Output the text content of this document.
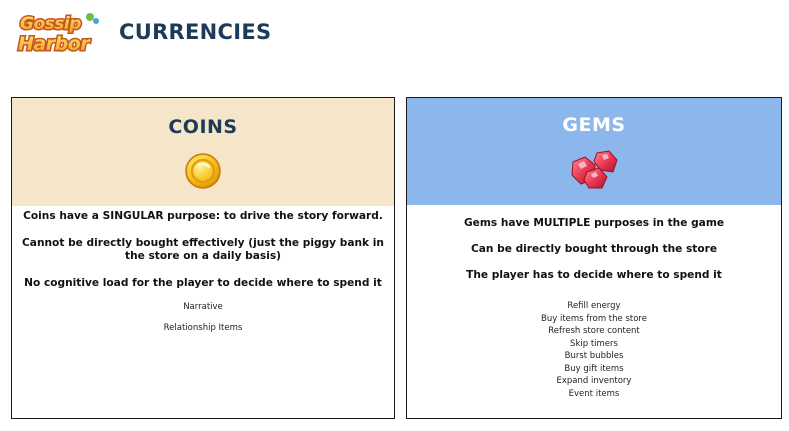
Gossip
Harbor CURRENCIES
COINS
Coins have a SINGULAR purpose: to drive the story forward.
Cannot be directly bought effectively (just the piggy bank in the store on a daily basis)
No cognitive load for the player to decide where to spend it
Narrative
Relationship Items
GEMS
Gems have MULTIPLE purposes in the game
Can be directly bought through the store
The player has to decide where to spend it
Refill energy
Buy items from the store
Refresh store content
Skip timers
Burst bubbles
Buy gift items
Expand inventory
Event items
